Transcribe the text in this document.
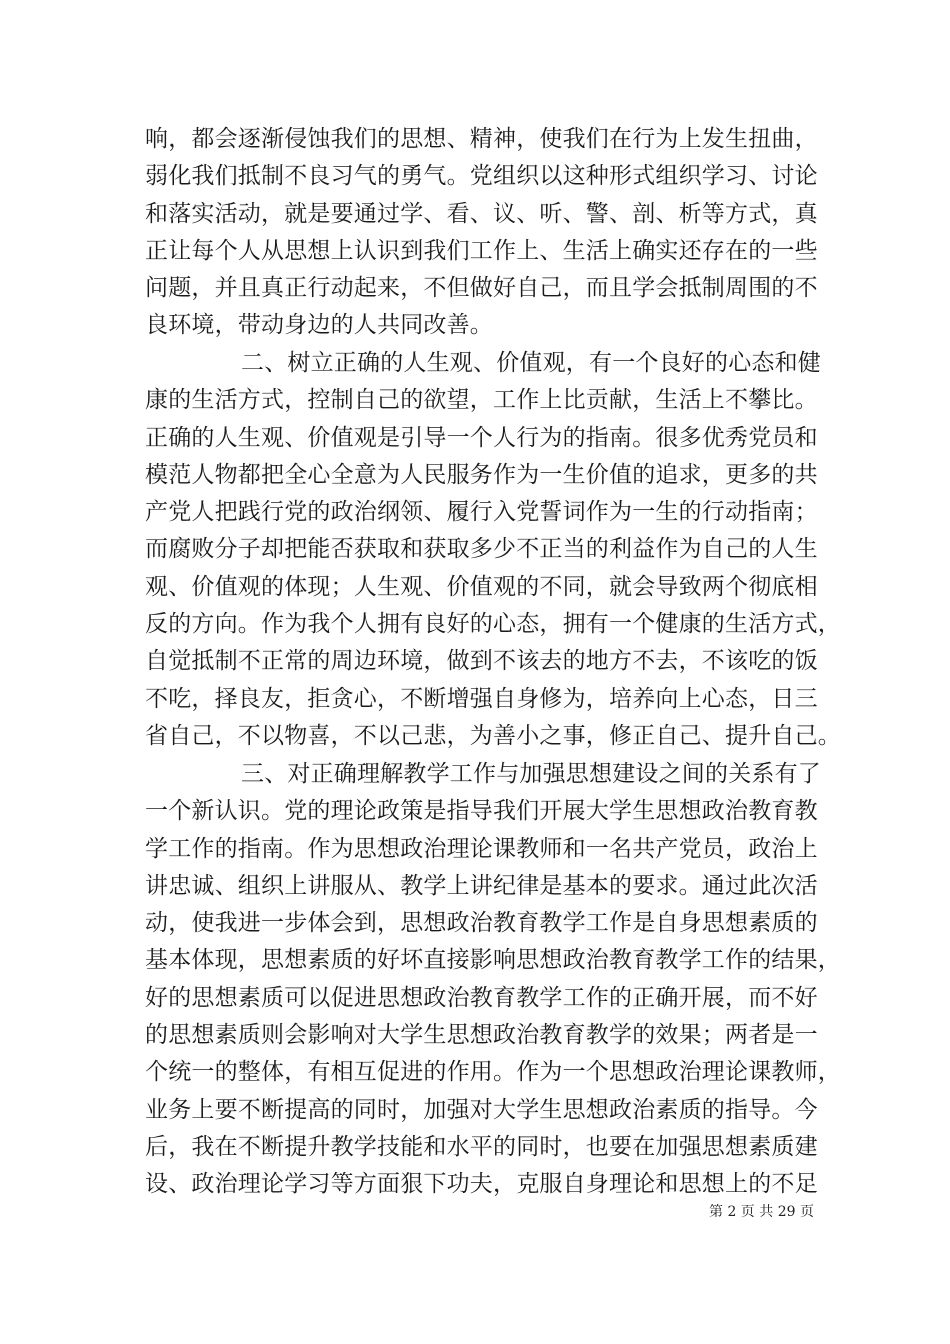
响，都会逐渐侵蚀我们的思想、精神，使我们在行为上发生扭曲，
弱化我们抵制不良习气的勇气。党组织以这种形式组织学习、讨论
和落实活动，就是要通过学、看、议、听、警、剖、析等方式，真
正让每个人从思想上认识到我们工作上、生活上确实还存在的一些
问题，并且真正行动起来，不但做好自己，而且学会抵制周围的不
良环境，带动身边的人共同改善。
二、树立正确的人生观、价值观，有一个良好的心态和健
康的生活方式，控制自己的欲望，工作上比贡献，生活上不攀比。
正确的人生观、价值观是引导一个人行为的指南。很多优秀党员和
模范人物都把全心全意为人民服务作为一生价值的追求，更多的共
产党人把践行党的政治纲领、履行入党誓词作为一生的行动指南；
而腐败分子却把能否获取和获取多少不正当的利益作为自己的人生
观、价值观的体现；人生观、价值观的不同，就会导致两个彻底相
反的方向。作为我个人拥有良好的心态，拥有一个健康的生活方式，
自觉抵制不正常的周边环境，做到不该去的地方不去，不该吃的饭
不吃，择良友，拒贪心，不断增强自身修为，培养向上心态，日三
省自己，不以物喜，不以己悲，为善小之事，修正自己、提升自己。
三、对正确理解教学工作与加强思想建设之间的关系有了
一个新认识。党的理论政策是指导我们开展大学生思想政治教育教
学工作的指南。作为思想政治理论课教师和一名共产党员，政治上
讲忠诚、组织上讲服从、教学上讲纪律是基本的要求。通过此次活
动，使我进一步体会到，思想政治教育教学工作是自身思想素质的
基本体现，思想素质的好坏直接影响思想政治教育教学工作的结果，
好的思想素质可以促进思想政治教育教学工作的正确开展，而不好
的思想素质则会影响对大学生思想政治教育教学的效果；两者是一
个统一的整体，有相互促进的作用。作为一个思想政治理论课教师，
业务上要不断提高的同时，加强对大学生思想政治素质的指导。今
后，我在不断提升教学技能和水平的同时，也要在加强思想素质建
设、政治理论学习等方面狠下功夫，克服自身理论和思想上的不足
第 2 页 共 29 页
